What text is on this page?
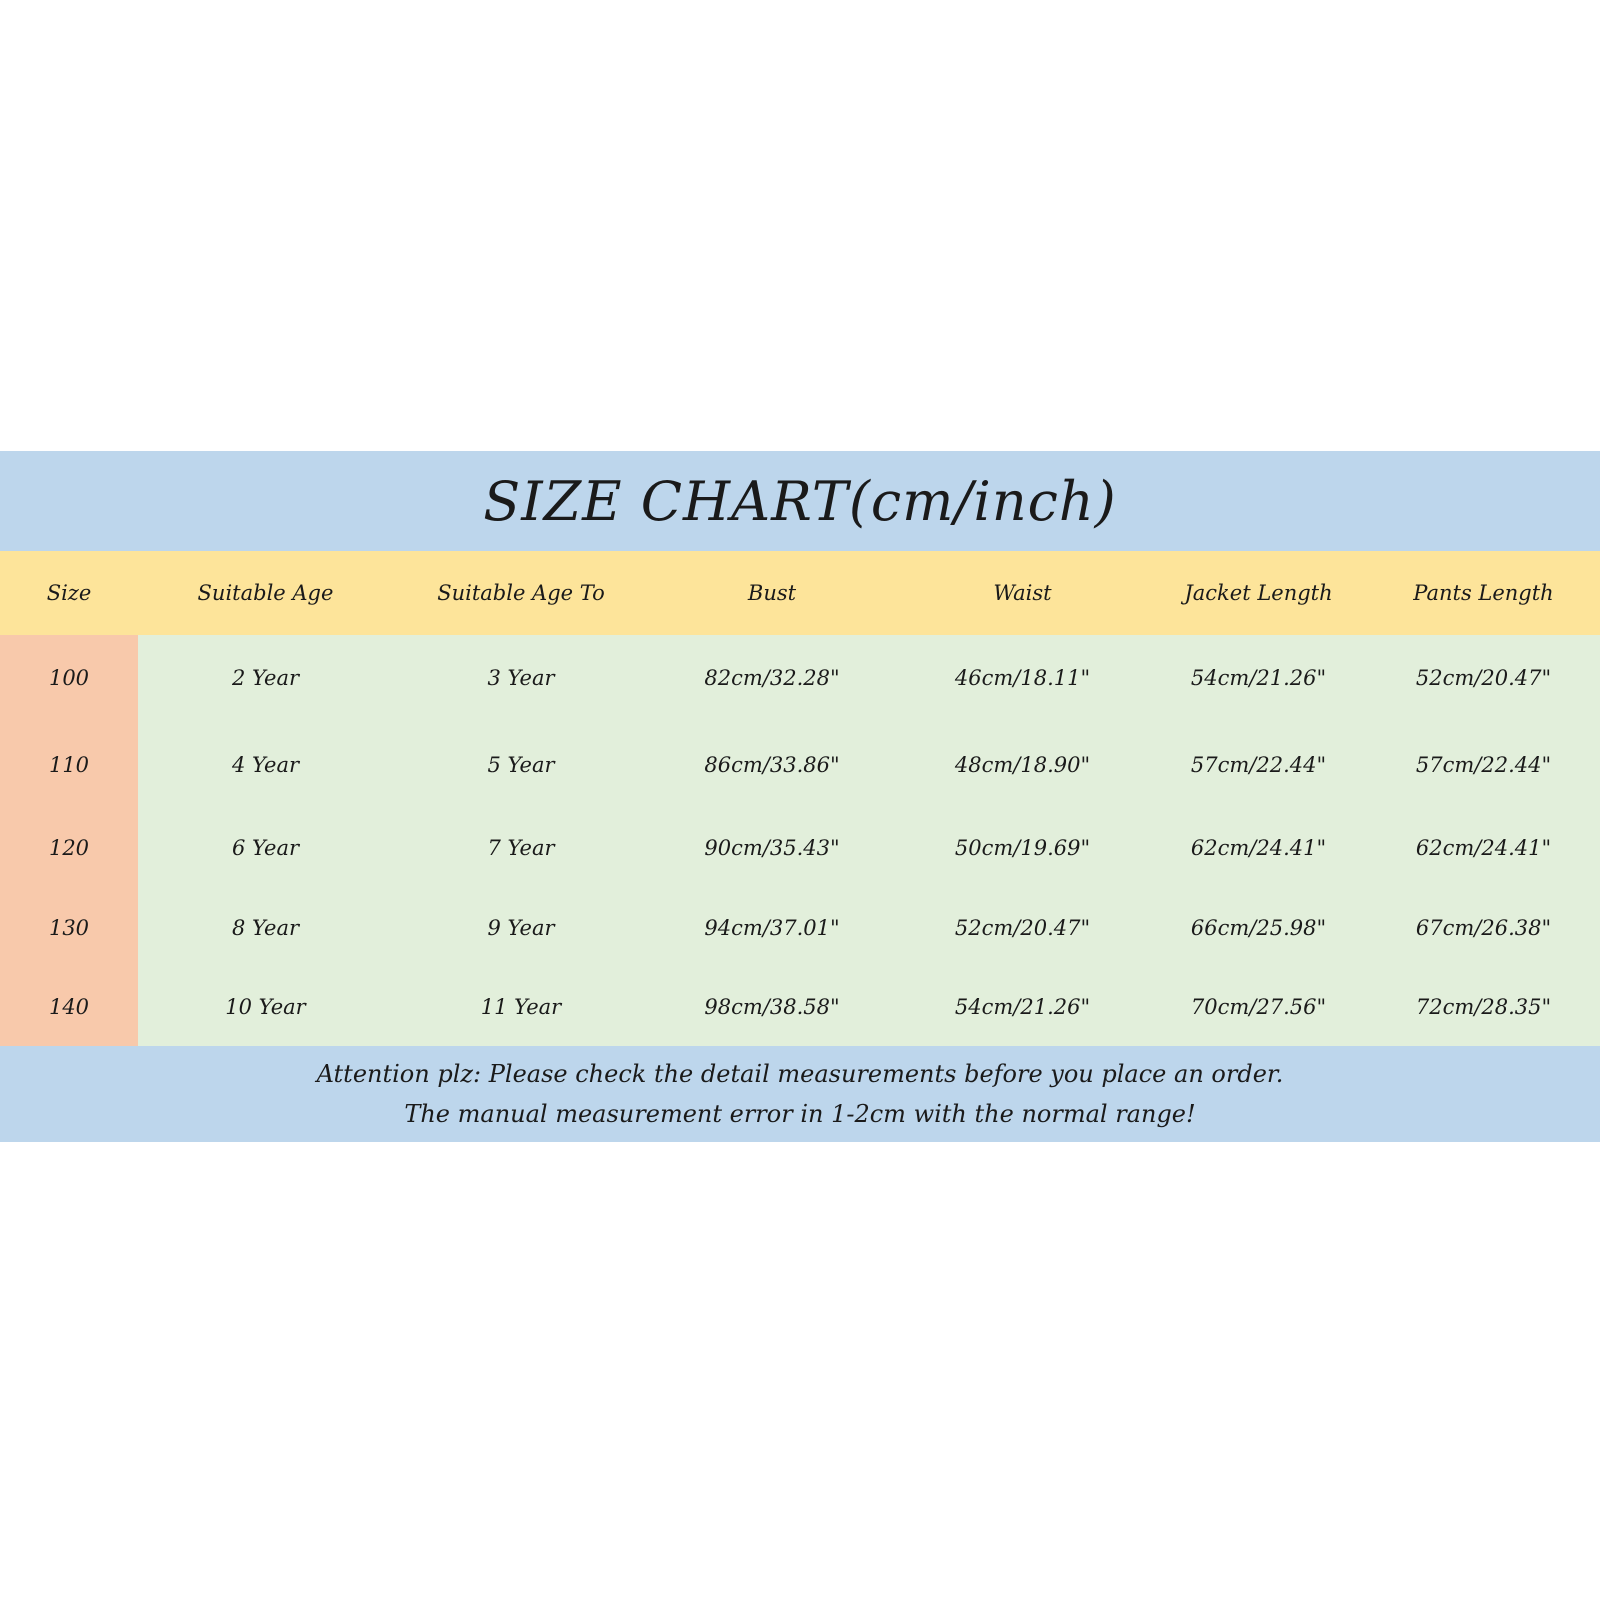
SIZE CHART(cm/inch)
Size	Suitable Age	Suitable Age To	Bust	Waist	Jacket Length	Pants Length
100	2 Year	3 Year	82cm/32.28"	46cm/18.11"	54cm/21.26"	52cm/20.47"
110	4 Year	5 Year	86cm/33.86"	48cm/18.90"	57cm/22.44"	57cm/22.44"
120	6 Year	7 Year	90cm/35.43"	50cm/19.69"	62cm/24.41"	62cm/24.41"
130	8 Year	9 Year	94cm/37.01"	52cm/20.47"	66cm/25.98"	67cm/26.38"
140	10 Year	11 Year	98cm/38.58"	54cm/21.26"	70cm/27.56"	72cm/28.35"

Attention plz: Please check the detail measurements before you place an order.

The manual measurement error in 1-2cm with the normal range!
